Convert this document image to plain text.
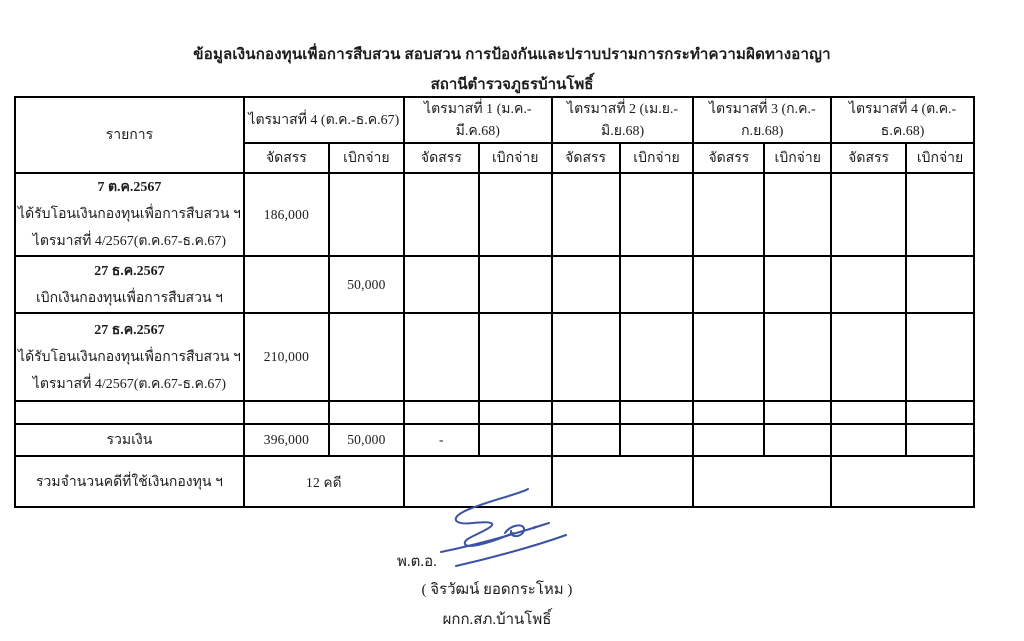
ข้อมูลเงินกองทุนเพื่อการสืบสวน สอบสวน การป้องกันและปราบปรามการกระทำความผิดทางอาญา
สถานีตำรวจภูธรบ้านโพธิ์
รายการ	ไตรมาสที่ 4 (ต.ค.-ธ.ค.67)		ไตรมาสที่ 1 (ม.ค.-มี.ค.68)		ไตรมาสที่ 2 (เม.ย.-มิ.ย.68)		ไตรมาสที่ 3 (ก.ค.-ก.ย.68)		ไตรมาสที่ 4 (ต.ค.-ธ.ค.68)	
	จัดสรร	เบิกจ่าย	จัดสรร	เบิกจ่าย	จัดสรร	เบิกจ่าย	จัดสรร	เบิกจ่าย	จัดสรร	เบิกจ่าย

7 ต.ค.2567
ได้รับโอนเงินกองทุนเพื่อการสืบสวน ฯ
ไตรมาสที่ 4/2567(ต.ค.67-ธ.ค.67)	186,000									

27 ธ.ค.2567
เบิกเงินกองทุนเพื่อการสืบสวน ฯ		50,000								

27 ธ.ค.2567
ได้รับโอนเงินกองทุนเพื่อการสืบสวน ฯ
ไตรมาสที่ 4/2567(ต.ค.67-ธ.ค.67)	210,000									

รวมเงิน	396,000	50,000	-							
รวมจำนวนคดีที่ใช้เงินกองทุน ฯ	12 คดี									
พ.ต.อ.
( จิรวัฒน์ ยอดกระโหม )
ผกก.สภ.บ้านโพธิ์
